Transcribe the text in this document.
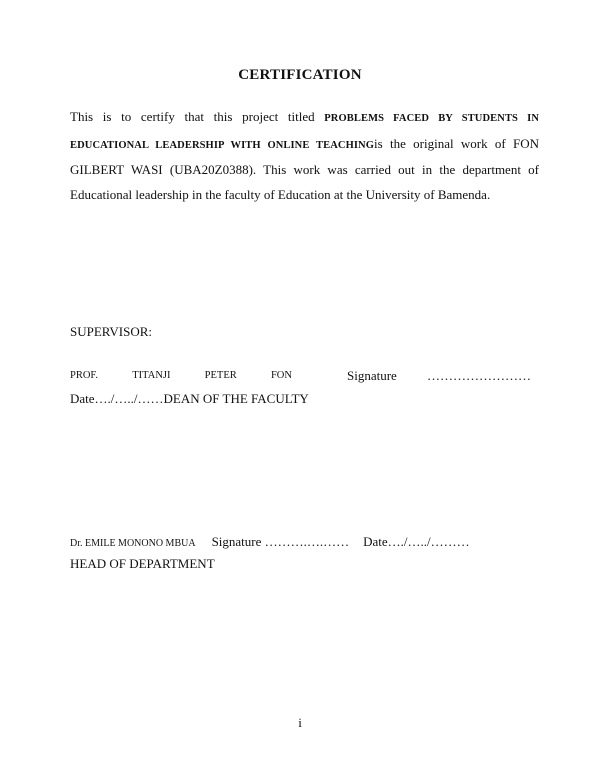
CERTIFICATION
This is to certify that this project titled PROBLEMS FACED BY STUDENTS IN EDUCATIONAL LEADERSHIP WITH ONLINE TEACHINGis the original work of FON GILBERT WASI (UBA20Z0388). This work was carried out in the department of Educational leadership in the faculty of Education at the University of Bamenda.
SUPERVISOR:
PROF.	TITANJI	PETER	FON	Signature ……………………
Date…./…../……DEAN OF THE FACULTY
Dr. EMILE MONONO MBUA Signature ……….….…… Date…./…../………
HEAD OF DEPARTMENT
i
